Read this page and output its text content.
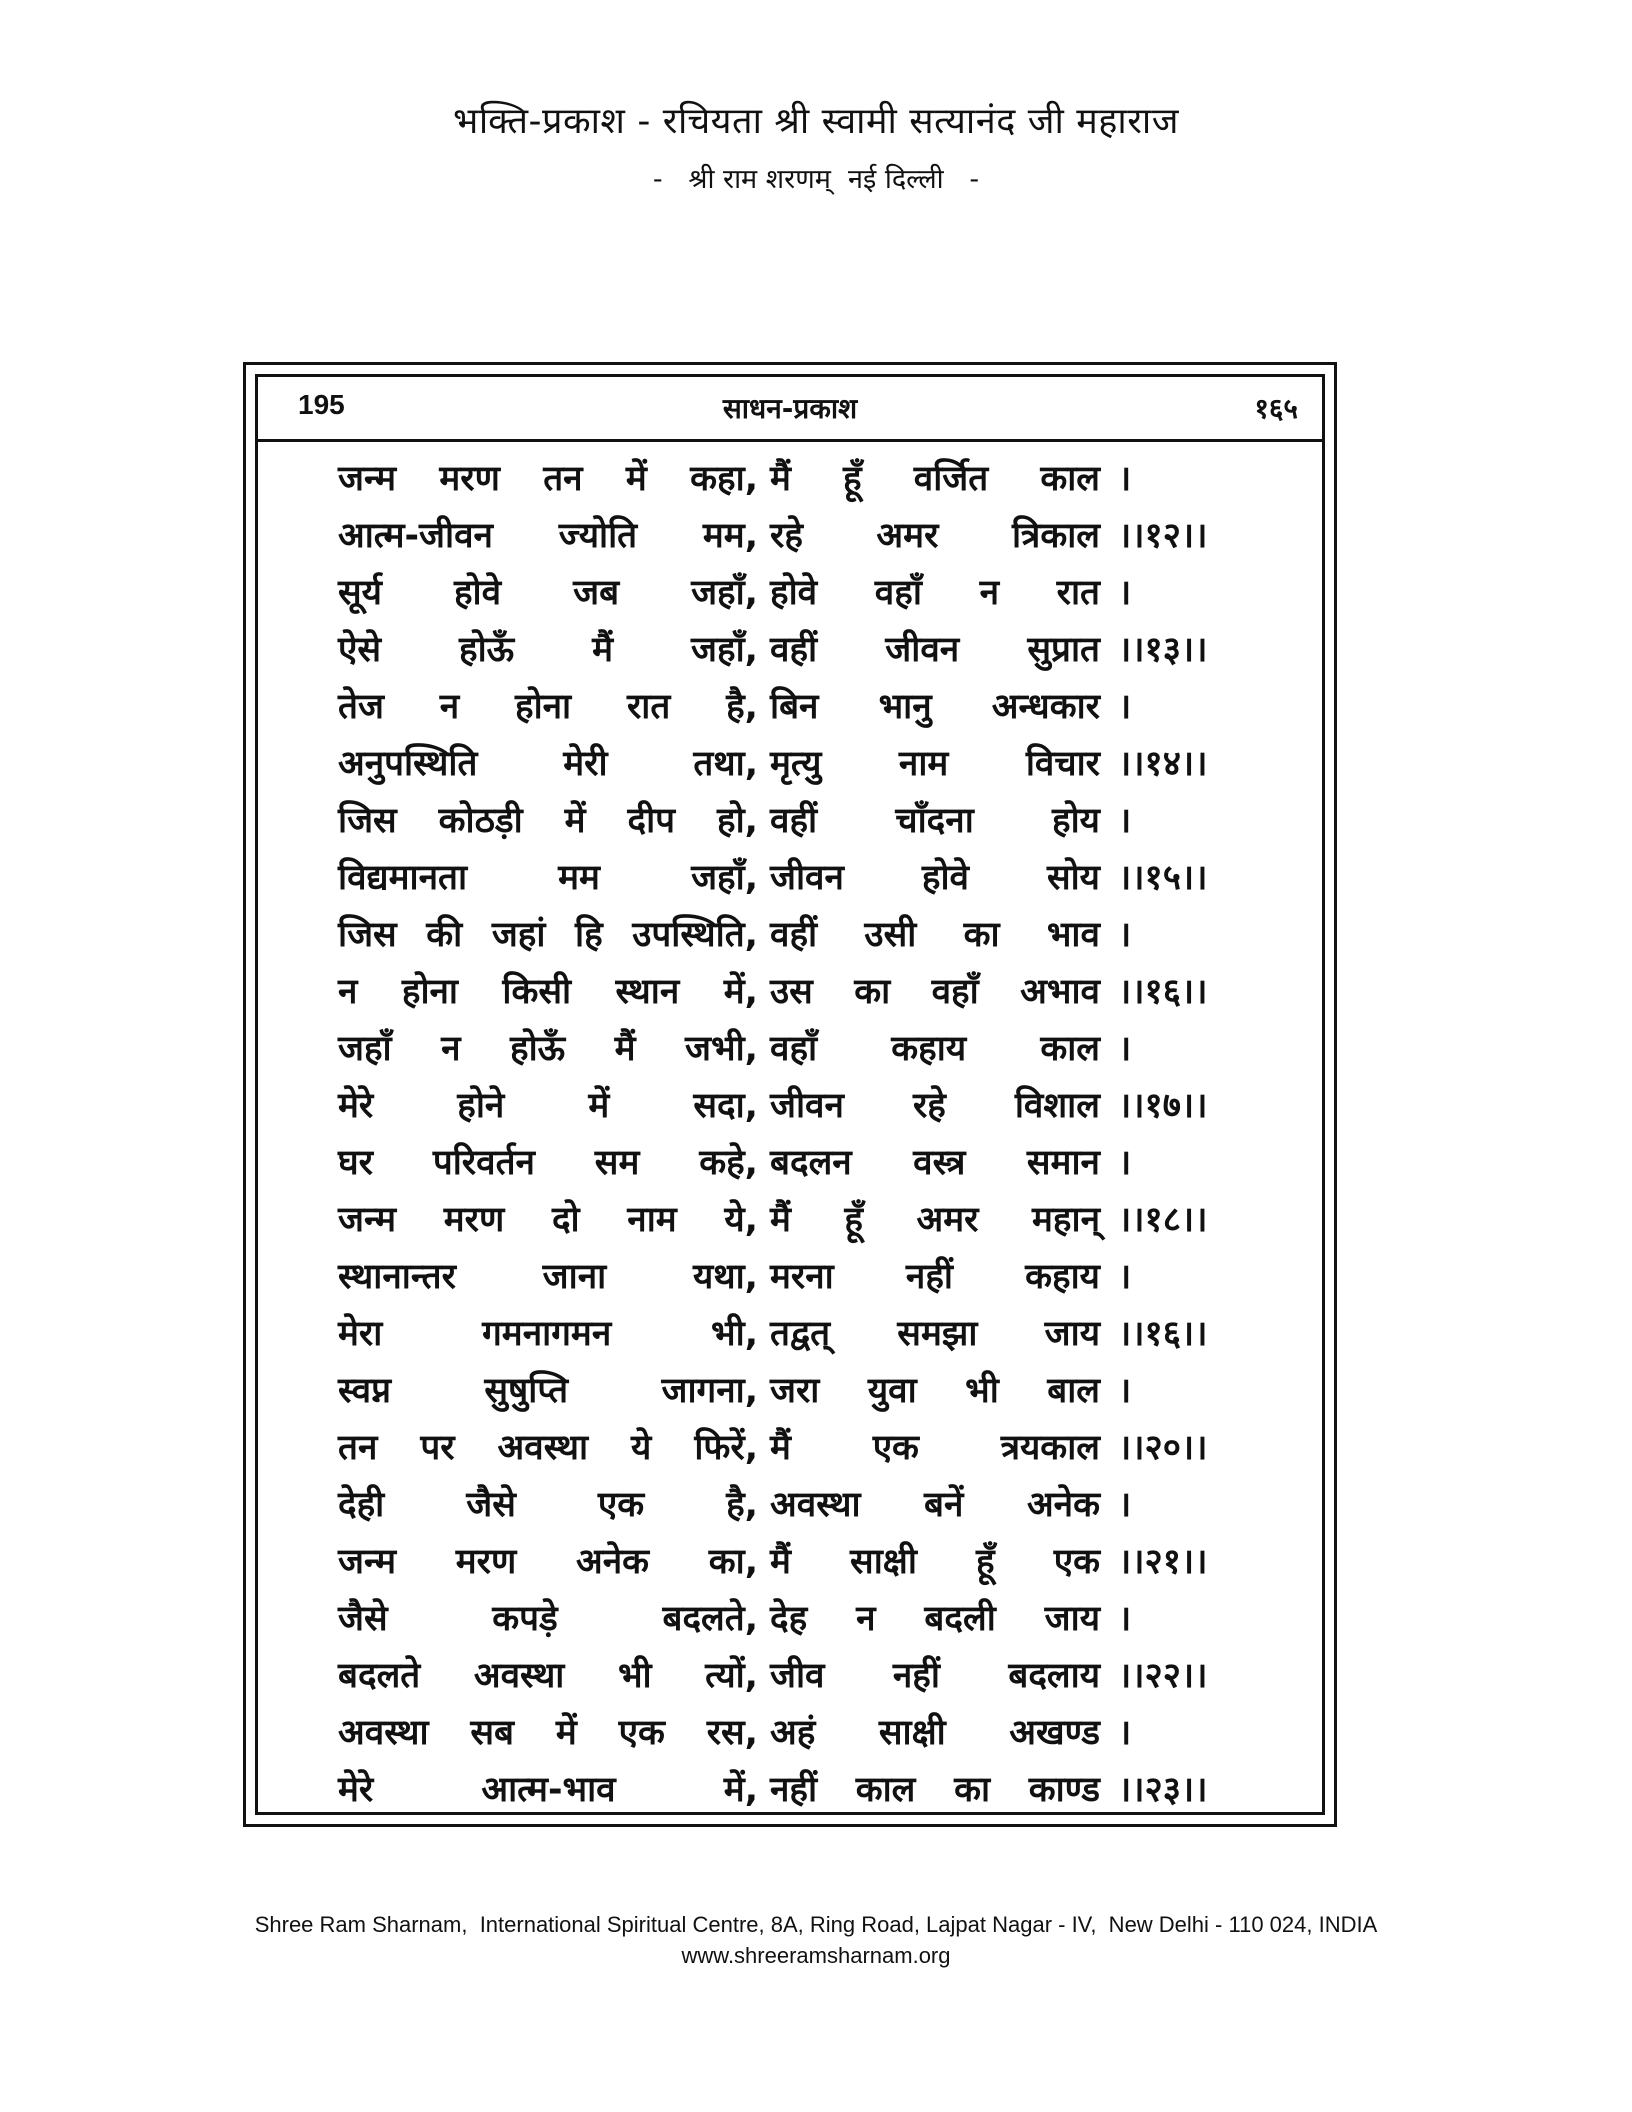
भक्ति-प्रकाश - रचियता श्री स्वामी सत्यानंद जी महाराज
-   श्री राम शरणम्  नई दिल्ली   -
195	साधन-प्रकाश	१६५
जन्म मरण तन में कहा, मैं हूँ वर्जित काल ।
आत्म-जीवन ज्योति मम, रहे अमर त्रिकाल ।।१२।।
सूर्य होवे जब जहाँ, होवे वहाँ न रात ।
ऐसे होऊँ मैं जहाँ, वहीं जीवन सुप्रात ।।१३।।
तेज न होना रात है, बिन भानु अन्धकार ।
अनुपस्थिति मेरी तथा, मृत्यु नाम विचार ।।१४।।
जिस कोठड़ी में दीप हो, वहीं चाँदना होय ।
विद्यमानता	मम	जहाँ, जीवन होवे सोय ।।१५।।
जिस की जहां हि उपस्थिति, वहीं उसी का भाव ।
न होना किसी स्थान में, उस का वहाँ अभाव ।।१६।।
जहाँ न होऊँ मैं जभी, वहाँ कहाय काल ।
मेरे होने में सदा, जीवन रहे विशाल ।।१७।।
घर परिवर्तन सम कहे, बदलन वस्त्र समान ।
जन्म मरण दो नाम ये, मैं हूँ अमर महान् ।।१८।।
स्थानान्तर जाना यथा, मरना नहीं कहाय ।
मेरा	गमनागमन	भी, तद्वत् समझा जाय ।।१६।।
स्वप्न	सुषुप्ति	जागना, जरा युवा भी बाल ।
तन पर अवस्था ये फिरें, मैं एक त्रयकाल ।।२०।।
देही जैसे एक है, अवस्था बनें अनेक ।
जन्म मरण अनेक का, मैं साक्षी हूँ एक ।।२१।।
जैसे	कपड़े	बदलते, देह न बदली जाय ।
बदलते अवस्था भी त्यों, जीव नहीं बदलाय ।।२२।।
अवस्था सब में एक रस, अहं साक्षी अखण्ड ।
मेरे	आत्म-भाव	में, नहीं काल का काण्ड ।।२३।।
Shree Ram Sharnam,  International Spiritual Centre, 8A, Ring Road, Lajpat Nagar - IV,  New Delhi - 110 024, INDIA
www.shreeramsharnam.org
